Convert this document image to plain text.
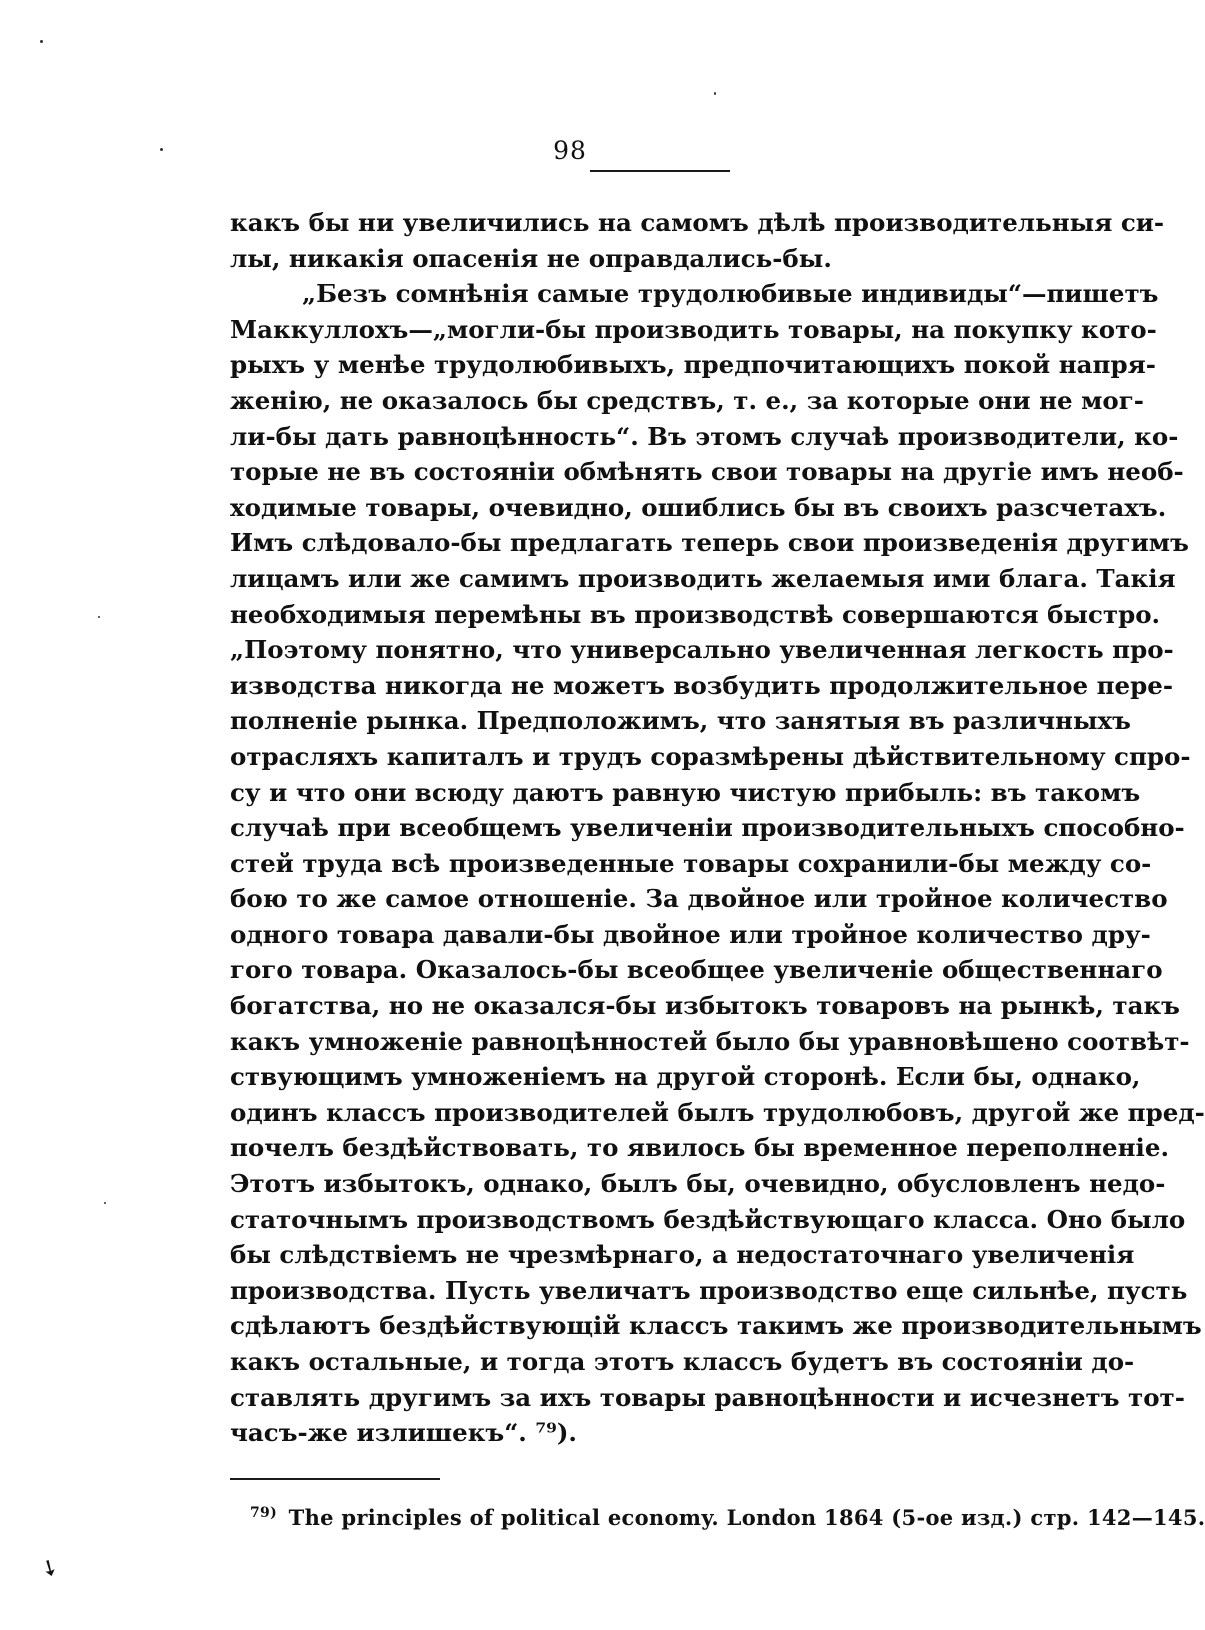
98
какъ бы ни увеличились на самомъ дѣлѣ производительныя си-
лы, никакія опасенія не оправдались-бы.
„Безъ сомнѣнія самые трудолюбивые индивиды“—пишетъ
Маккуллохъ—„могли-бы производить товары, на покупку кото-
рыхъ у менѣе трудолюбивыхъ, предпочитающихъ покой напря-
женію, не оказалось бы средствъ, т. е., за которые они не мог-
ли-бы дать равноцѣнность“. Въ этомъ случаѣ производители, ко-
торые не въ состояніи обмѣнять свои товары на другіе имъ необ-
ходимые товары, очевидно, ошиблись бы въ своихъ разсчетахъ.
Имъ слѣдовало-бы предлагать теперь свои произведенія другимъ
лицамъ или же самимъ производить желаемыя ими блага. Такія
необходимыя перемѣны въ производствѣ совершаются быстро.
„Поэтому понятно, что универсально увеличенная легкость про-
изводства никогда не можетъ возбудить продолжительное пере-
полненіе рынка. Предположимъ, что занятыя въ различныхъ
отрасляхъ капиталъ и трудъ соразмѣрены дѣйствительному спро-
су и что они всюду даютъ равную чистую прибыль: въ такомъ
случаѣ при всеобщемъ увеличеніи производительныхъ способно-
стей труда всѣ произведенные товары сохранили-бы между со-
бою то же самое отношеніе. За двойное или тройное количество
одного товара давали-бы двойное или тройное количество дру-
гого товара. Оказалось-бы всеобщее увеличеніе общественнаго
богатства, но не оказался-бы избытокъ товаровъ на рынкѣ, такъ
какъ умноженіе равноцѣнностей было бы уравновѣшено соотвѣт-
ствующимъ умноженіемъ на другой сторонѣ. Если бы, однако,
одинъ классъ производителей былъ трудолюбовъ, другой же пред-
почелъ бездѣйствовать, то явилось бы временное переполненіе.
Этотъ избытокъ, однако, былъ бы, очевидно, обусловленъ недо-
статочнымъ производствомъ бездѣйствующаго класса. Оно было
бы слѣдствіемъ не чрезмѣрнаго, а недостаточнаго увеличенія
производства. Пусть увеличатъ производство еще сильнѣе, пусть
сдѣлаютъ бездѣйствующій классъ такимъ же производительнымъ
какъ остальные, и тогда этотъ классъ будетъ въ состояніи до-
ставлять другимъ за ихъ товары равноцѣнности и исчезнетъ тот-
часъ-же излишекъ“. ⁷⁹).
$^{79)}$ The principles of political economy. London 1864 (5-ое изд.) стр. 142—145.
➘
